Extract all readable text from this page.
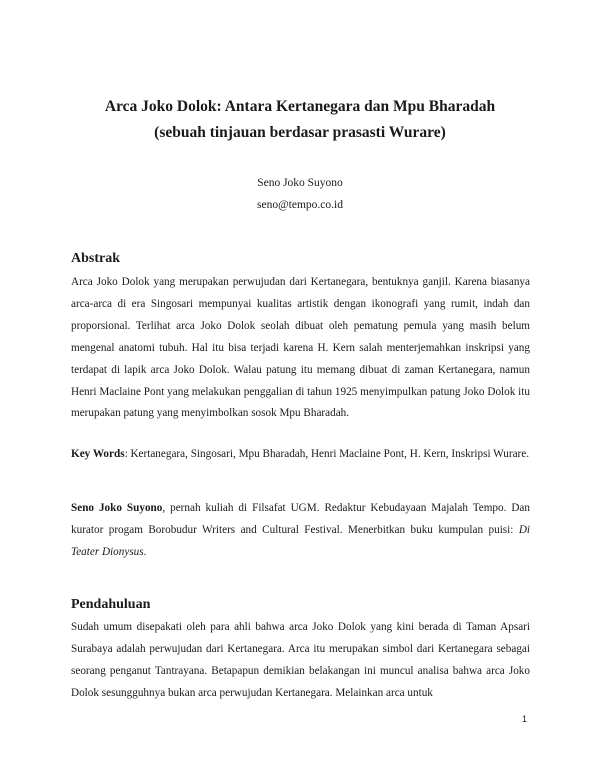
Arca Joko Dolok: Antara Kertanegara dan Mpu Bharadah
(sebuah tinjauan berdasar prasasti Wurare)
Seno Joko Suyono
seno@tempo.co.id
Abstrak
Arca Joko Dolok yang merupakan perwujudan dari Kertanegara, bentuknya ganjil. Karena biasanya arca-arca di era Singosari mempunyai kualitas artistik dengan ikonografi yang rumit, indah dan proporsional. Terlihat arca Joko Dolok seolah dibuat oleh pematung pemula yang masih belum mengenal anatomi tubuh. Hal itu bisa terjadi karena H. Kern salah menterjemahkan inskripsi yang terdapat di lapik arca Joko Dolok. Walau patung itu memang dibuat di zaman Kertanegara, namun Henri Maclaine Pont yang melakukan penggalian di tahun 1925 menyimpulkan patung Joko Dolok itu merupakan patung yang menyimbolkan sosok Mpu Bharadah.
Key Words: Kertanegara, Singosari, Mpu Bharadah, Henri Maclaine Pont, H. Kern, Inskripsi Wurare.
Seno Joko Suyono, pernah kuliah di Filsafat UGM. Redaktur Kebudayaan Majalah Tempo. Dan kurator progam Borobudur Writers and Cultural Festival. Menerbitkan buku kumpulan puisi: Di Teater Dionysus.
Pendahuluan
Sudah umum disepakati oleh para ahli bahwa arca Joko Dolok yang kini berada di Taman Apsari Surabaya adalah perwujudan dari Kertanegara. Arca itu merupakan simbol dari Kertanegara sebagai seorang penganut Tantrayana. Betapapun demikian belakangan ini muncul analisa bahwa arca Joko Dolok sesungguhnya bukan arca perwujudan Kertanegara. Melainkan arca untuk
1
